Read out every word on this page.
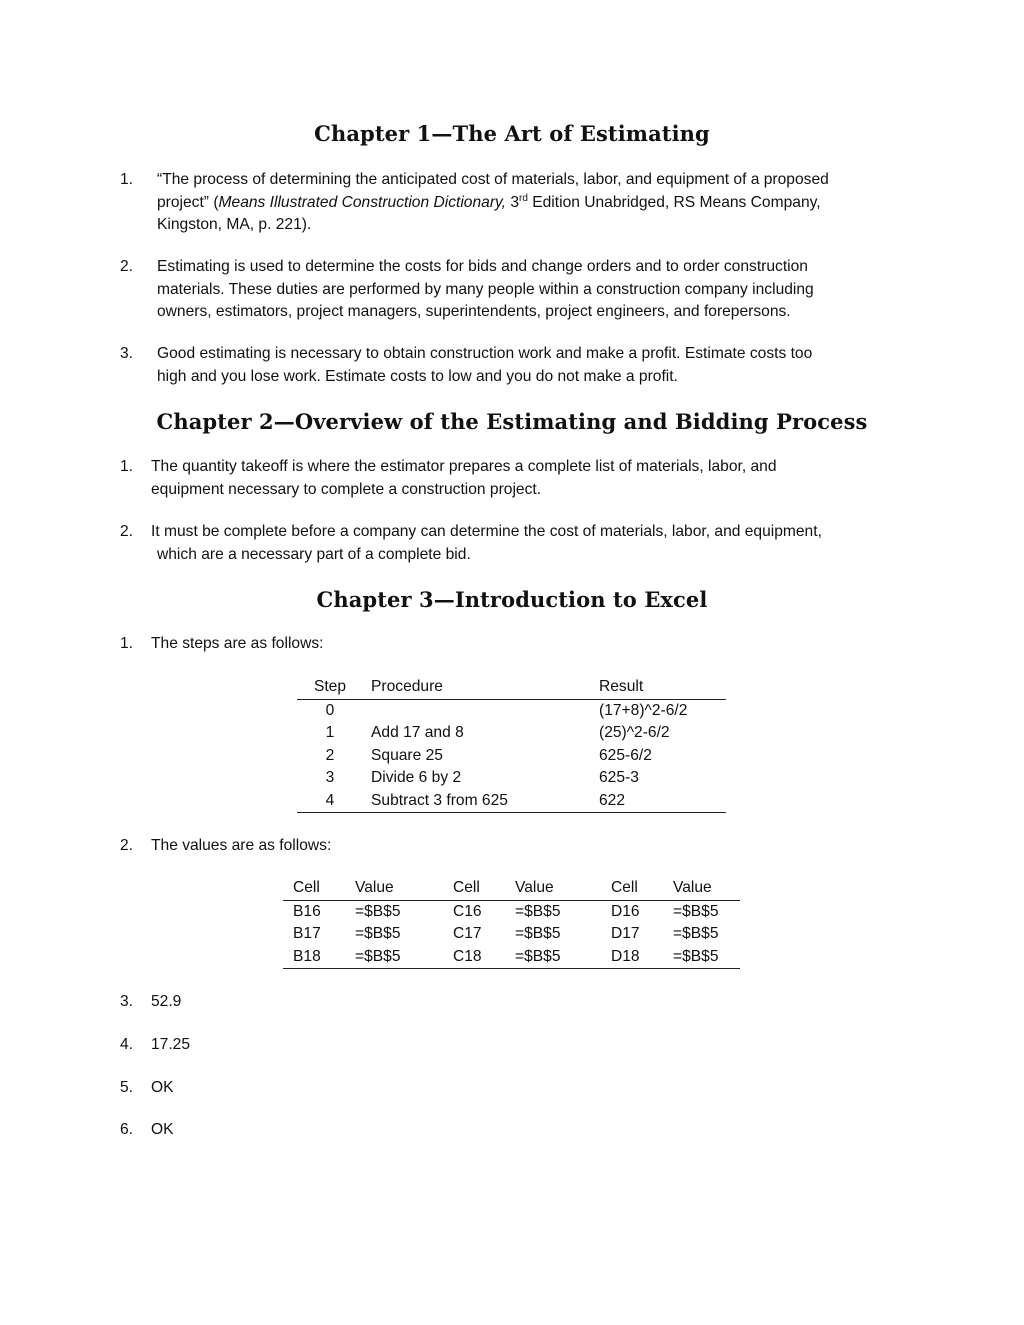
Chapter 1—The Art of Estimating
1. “The process of determining the anticipated cost of materials, labor, and equipment of a proposed
project” (Means Illustrated Construction Dictionary, 3rd Edition Unabridged, RS Means Company,
Kingston, MA, p. 221).
2. Estimating is used to determine the costs for bids and change orders and to order construction
materials. These duties are performed by many people within a construction company including
owners, estimators, project managers, superintendents, project engineers, and forepersons.
3. Good estimating is necessary to obtain construction work and make a profit. Estimate costs too
high and you lose work. Estimate costs to low and you do not make a profit.
Chapter 2—Overview of the Estimating and Bidding Process
1. The quantity takeoff is where the estimator prepares a complete list of materials, labor, and
equipment necessary to complete a construction project.
2. It must be complete before a company can determine the cost of materials, labor, and equipment,
which are a necessary part of a complete bid.
Chapter 3—Introduction to Excel
1. The steps are as follows:
Step	Procedure	Result
0		(17+8)^2-6/2
1	Add 17 and 8	(25)^2-6/2
2	Square 25	625-6/2
3	Divide 6 by 2	625-3
4	Subtract 3 from 625	622
2. The values are as follows:
Cell	Value	Cell	Value	Cell	Value
B16	=$B$5	C16	=$B$5	D16	=$B$5
B17	=$B$5	C17	=$B$5	D17	=$B$5
B18	=$B$5	C18	=$B$5	D18	=$B$5
3. 52.9
4. 17.25
5. OK
6. OK
